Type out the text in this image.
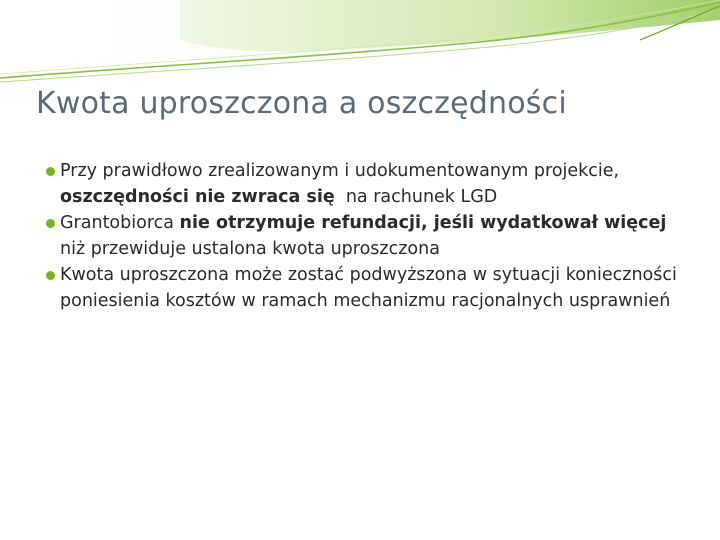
Kwota uproszczona a oszczędności
Przy prawidłowo zrealizowanym i udokumentowanym projekcie, oszczędności nie zwraca się  na rachunek LGD
Grantobiorca nie otrzymuje refundacji, jeśli wydatkował więcej niż przewiduje ustalona kwota uproszczona
Kwota uproszczona może zostać podwyższona w sytuacji konieczności poniesienia kosztów w ramach mechanizmu racjonalnych usprawnień
